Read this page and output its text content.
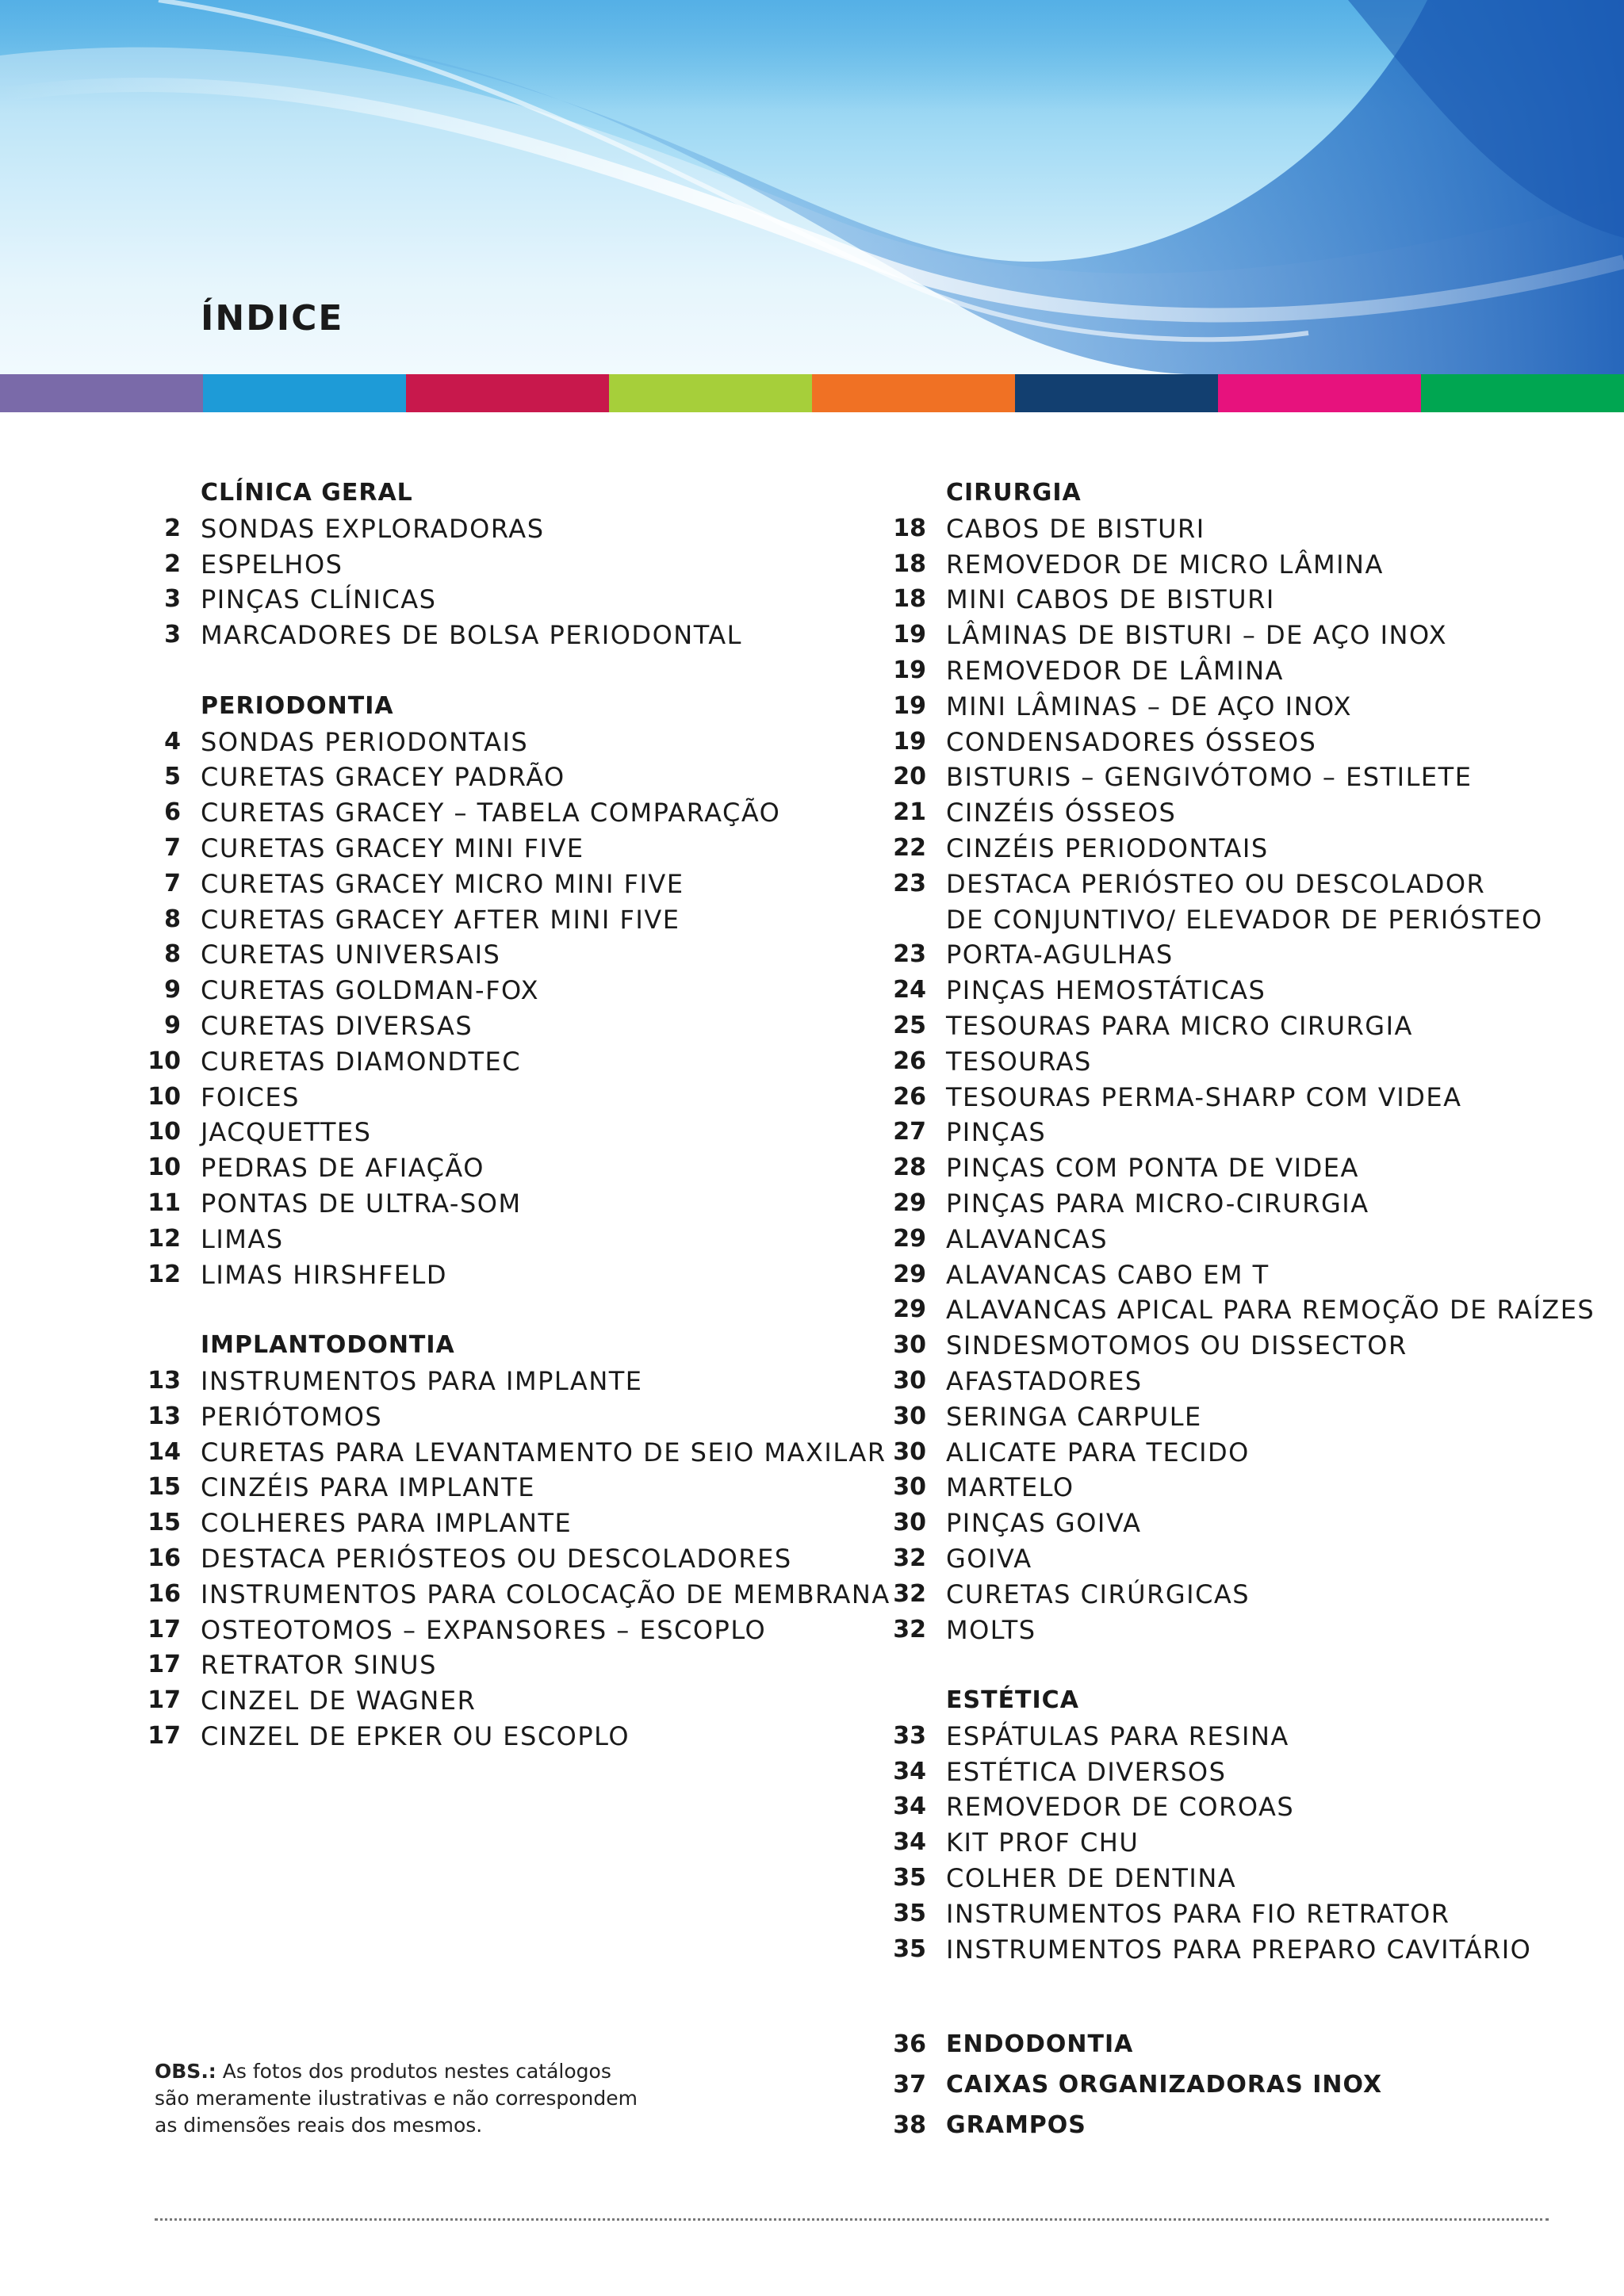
ÍNDICE
CLÍNICA GERAL
2 SONDAS EXPLORADORAS
2 ESPELHOS
3 PINÇAS CLÍNICAS
3 MARCADORES DE BOLSA PERIODONTAL
PERIODONTIA
4 SONDAS PERIODONTAIS
5 CURETAS GRACEY PADRÃO
6 CURETAS GRACEY – TABELA COMPARAÇÃO
7 CURETAS GRACEY MINI FIVE
7 CURETAS GRACEY MICRO MINI FIVE
8 CURETAS GRACEY AFTER MINI FIVE
8 CURETAS UNIVERSAIS
9 CURETAS GOLDMAN-FOX
9 CURETAS DIVERSAS
10 CURETAS DIAMONDTEC
10 FOICES
10 JACQUETTES
10 PEDRAS DE AFIAÇÃO
11 PONTAS DE ULTRA-SOM
12 LIMAS
12 LIMAS HIRSHFELD
IMPLANTODONTIA
13 INSTRUMENTOS PARA IMPLANTE
13 PERIÓTOMOS
14 CURETAS PARA LEVANTAMENTO DE SEIO MAXILAR
15 CINZÉIS PARA IMPLANTE
15 COLHERES PARA IMPLANTE
16 DESTACA PERIÓSTEOS OU DESCOLADORES
16 INSTRUMENTOS PARA COLOCAÇÃO DE MEMBRANA
17 OSTEOTOMOS – EXPANSORES – ESCOPLO
17 RETRATOR SINUS
17 CINZEL DE WAGNER
17 CINZEL DE EPKER OU ESCOPLO
CIRURGIA
18 CABOS DE BISTURI
18 REMOVEDOR DE MICRO LÂMINA
18 MINI CABOS DE BISTURI
19 LÂMINAS DE BISTURI – DE AÇO INOX
19 REMOVEDOR DE LÂMINA
19 MINI LÂMINAS – DE AÇO INOX
19 CONDENSADORES ÓSSEOS
20 BISTURIS – GENGIVÓTOMO – ESTILETE
21 CINZÉIS ÓSSEOS
22 CINZÉIS PERIODONTAIS
23 DESTACA PERIÓSTEO OU DESCOLADOR
DE CONJUNTIVO/ ELEVADOR DE PERIÓSTEO
23 PORTA-AGULHAS
24 PINÇAS HEMOSTÁTICAS
25 TESOURAS PARA MICRO CIRURGIA
26 TESOURAS
26 TESOURAS PERMA-SHARP COM VIDEA
27 PINÇAS
28 PINÇAS COM PONTA DE VIDEA
29 PINÇAS PARA MICRO-CIRURGIA
29 ALAVANCAS
29 ALAVANCAS CABO EM T
29 ALAVANCAS APICAL PARA REMOÇÃO DE RAÍZES
30 SINDESMOTOMOS OU DISSECTOR
30 AFASTADORES
30 SERINGA CARPULE
30 ALICATE PARA TECIDO
30 MARTELO
30 PINÇAS GOIVA
32 GOIVA
32 CURETAS CIRÚRGICAS
32 MOLTS
ESTÉTICA
33 ESPÁTULAS PARA RESINA
34 ESTÉTICA DIVERSOS
34 REMOVEDOR DE COROAS
34 KIT PROF CHU
35 COLHER DE DENTINA
35 INSTRUMENTOS PARA FIO RETRATOR
35 INSTRUMENTOS PARA PREPARO CAVITÁRIO
36 ENDODONTIA
37 CAIXAS ORGANIZADORAS INOX
38 GRAMPOS
OBS.: As fotos dos produtos nestes catálogos
são meramente ilustrativas e não correspondem
as dimensões reais dos mesmos.
